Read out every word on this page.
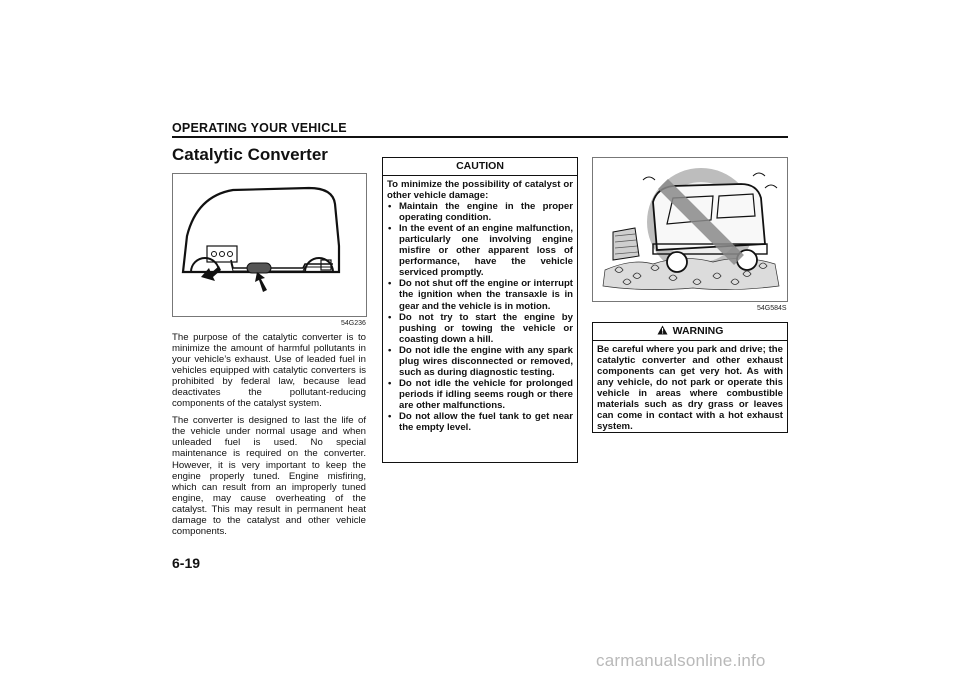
OPERATING YOUR VEHICLE
Catalytic Converter
54G236

The purpose of the catalytic converter is to minimize the amount of harmful pollutants in your vehicle’s exhaust. Use of leaded fuel in vehicles equipped with catalytic converters is prohibited by federal law, because lead deactivates the pollutant-reducing components of the catalyst system.

The converter is designed to last the life of the vehicle under normal usage and when unleaded fuel is used. No special maintenance is required on the converter. However, it is very important to keep the engine properly tuned. Engine misfiring, which can result from an improperly tuned engine, may cause overheating of the catalyst. This may result in permanent heat damage to the catalyst and other vehicle components.

CAUTION
To minimize the possibility of catalyst or other vehicle damage:
• Maintain the engine in the proper operating condition.
• In the event of an engine malfunction, particularly one involving engine misfire or other apparent loss of performance, have the vehicle serviced promptly.
• Do not shut off the engine or interrupt the ignition when the transaxle is in gear and the vehicle is in motion.
• Do not try to start the engine by pushing or towing the vehicle or coasting down a hill.
• Do not idle the engine with any spark plug wires disconnected or removed, such as during diagnostic testing.
• Do not idle the vehicle for prolonged periods if idling seems rough or there are other malfunctions.
• Do not allow the fuel tank to get near the empty level.
54G584S
WARNING
Be careful where you park and drive; the catalytic converter and other exhaust components can get very hot. As with any vehicle, do not park or operate this vehicle in areas where combustible materials such as dry grass or leaves can come in contact with a hot exhaust system.
6-19
carmanualsonline.info
